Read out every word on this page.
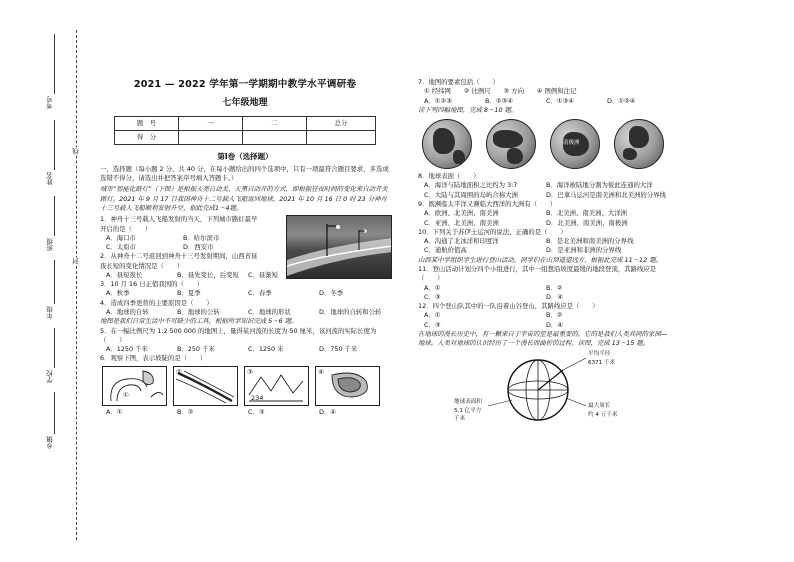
考号
姓名
班级
年级
学校
乡镇
线
封
2021 — 2022 学年第一学期期中教学水平调研卷
七年级地理
题　号	一	二	总分
得　分			
第Ⅰ卷（选择题）

一、选择题（每小题 2 分，共 40 分，在每小题给出的四个选项中，只有一项最符合题目要求，多选或选错不得分，请选出并把答案序号填入答题卡。）

城市“智能化路灯”（下图）是根据天亮自动关、天黑自动开的方式，即根据昼夜时间的变化来自动开关路灯。2021 年 9 月 17 日我国神舟十二号载人飞船返回地球，2021 年 10 月 16 日 0 时 23 分神舟十三号载人飞船顺利发射升空，据此完成1～4题。

1．神舟十三号载人飞船发射的当天，下列城市路灯最早开启的是（　　）

A．海口市	B．哈尔滨市
C．太原市	D．西安市

2．从神舟十二号返回到神舟十三号发射期间，山西省昼夜长短的变化情况是（　　）

A．昼短夜长	B．昼先变长，后变短	C．昼渐短

3．10 月 16 日正值我国的（　　）

A．秋季	B．夏季	C．春季	D．冬季

4．造成四季更替的主要原因是（　　）

A．地球的自转	B．地球的公转	C．地球的形状	D．地球的自转和公转

地图是我们日常生活中不可缺少的工具，根据所学知识完成 5～6 题。

5．在一幅比例尺为 1:2 500 000 的地图上，量得某河流的长度为 50 厘米，该河流的实际长度为（　　）

A．1250 千米	B．250 千米	C．1250 米	D．750 千米

6．观察下图，表示坡陡的是（　　）

①
②	③
234
④
A．①	B．②	C．③	D．④

7．地图的要素包括（　　）

① 经纬网　　② 比例尺　　③ 方向　　④ 图例和注记

A．①②③	B．②③④	C．①③④	D．①②④

读下列四幅地图，完成 8～10 题。

南极洲

8．地球表面（　　）

A．海洋与陆地面积之比约为 3:7	B．海洋被陆地分割为彼此连通的大洋
C．大陆与其周围的岛屿合称大洲	D．巴拿马运河是南美洲和北美洲的分界线

9．既濒临太平洋又濒临大西洋的大洲有（　　）

A．欧洲、北美洲、南美洲	B．北美洲、南美洲、大洋洲
C．亚洲、北美洲、南美洲	D．北美洲、南美洲、南极洲

10．下列关于苏伊士运河的说法，正确的是（　　）

A．沟通了北冰洋和印度洋	B．是北美洲和南美洲的分界线
C．通航价值高	D．是亚洲和非洲的分界线

山西某中学组织学生进行登山活动，同学们在山顶遥望远方，根据此完成 11～12 题。

11．登山活动计划分四个小组进行，其中一组想沿坡度最缓的地段登顶，其路线应是（　　）

A．①	B．②
C．③	D．④

12．四个登山队其中的一队沿着山谷登山，其路线应是（　　）

A．①	B．②
C．③	D．④

在地球的漫长历史中，有一颗来自于宇宙的星是最重要的。它的是我们人类共同的家园—地球。人类对地球的认识经历了一个漫长而曲折的过程。读图，完成 13～15 题。

平均半径
6371 千米
地球表面积
5.1 亿平方
千米
最大周长
约 4 万千米
